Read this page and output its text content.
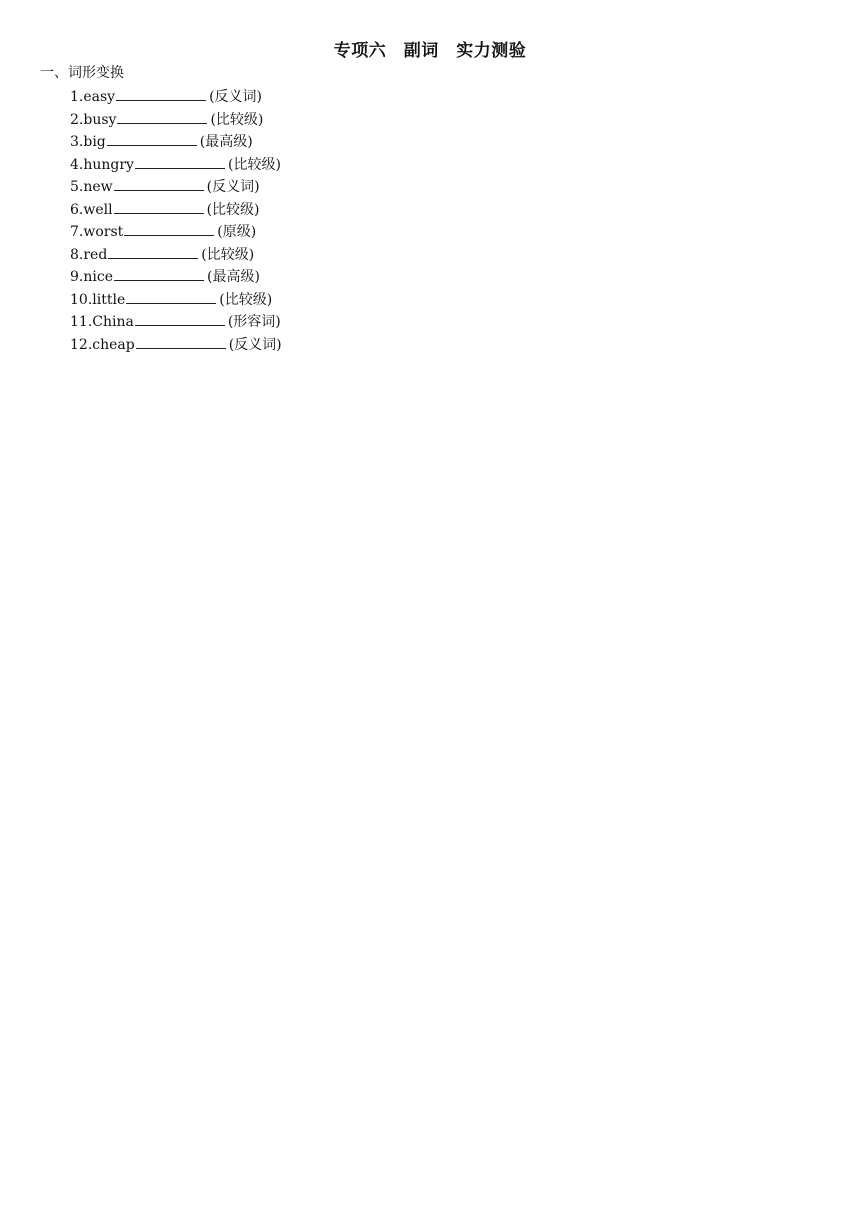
专项六　副词　实力测验
一、词形变换
1.easy	(反义词)
2.busy	(比较级)
3.big	(最高级)
4.hungry	(比较级)
5.new	(反义词)
6.well	(比较级)
7.worst	(原级)
8.red	(比较级)
9.nice	(最高级)
10.little	(比较级)
11.China	(形容词)
12.cheap	(反义词)
